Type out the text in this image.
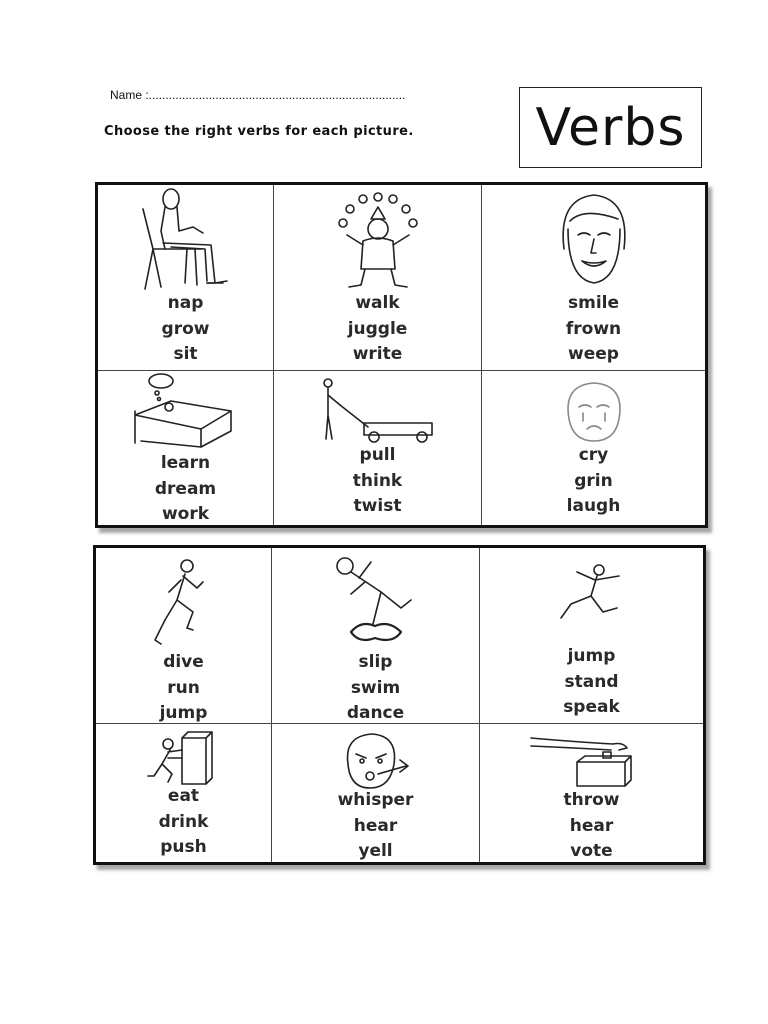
Name :.............................................................................
Choose the right verbs for each picture. Verbs
nap
grow
sit
walk
juggle
write
smile
frown
weep
learn
dream
work
pull
think
twist
cry
grin
laugh
dive
run
jump
slip
swim
dance
jump
stand
speak
eat
drink
push
whisper
hear
yell
throw
hear
vote
